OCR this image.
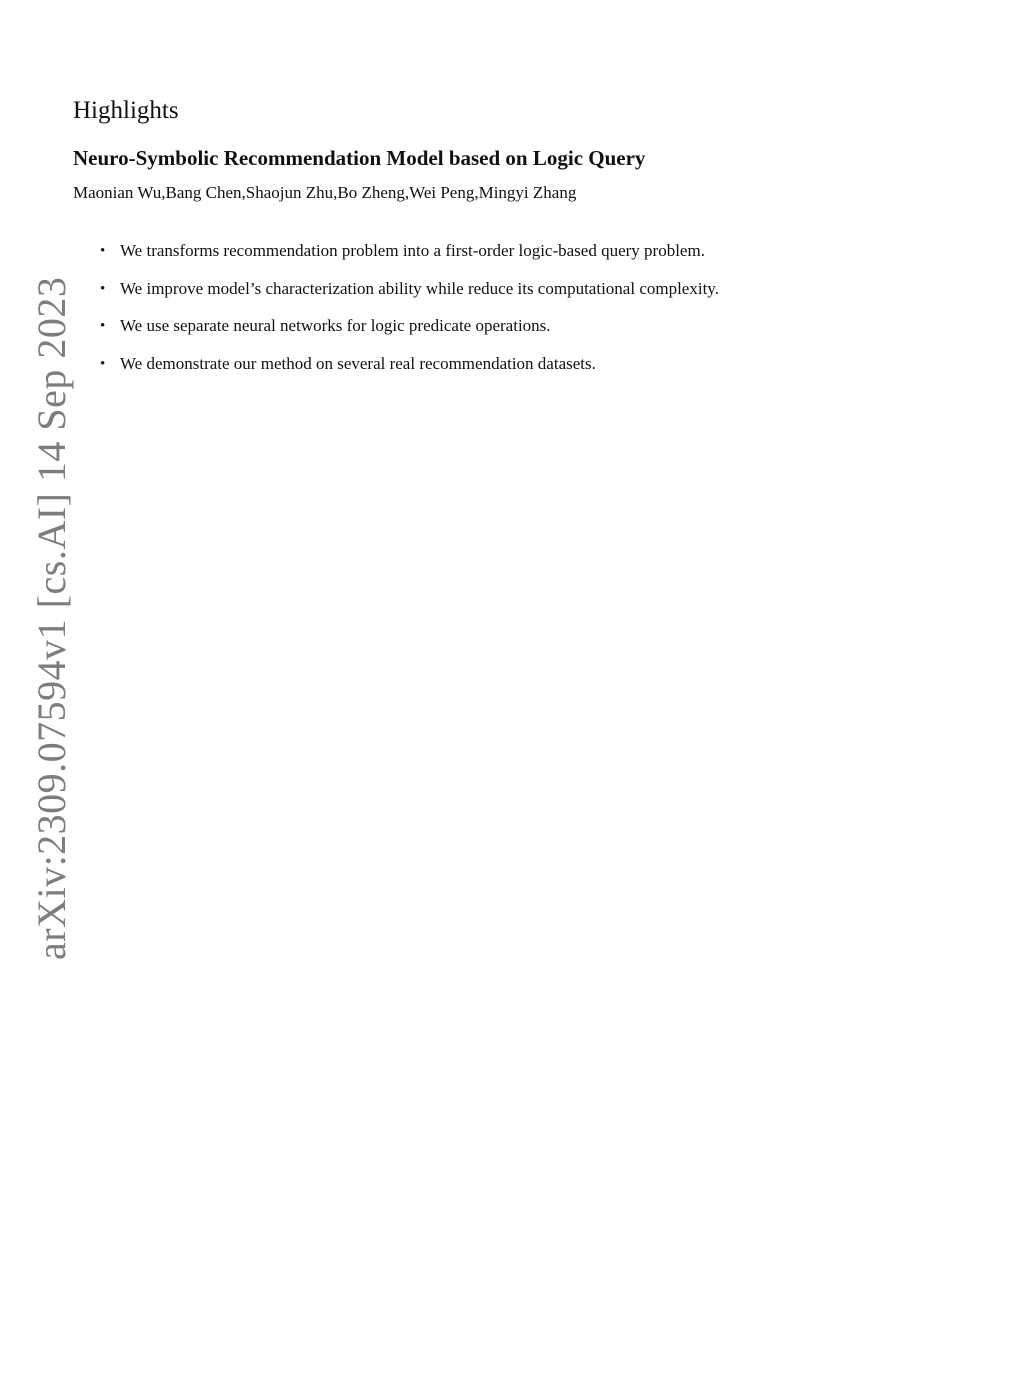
Highlights
Neuro-Symbolic Recommendation Model based on Logic Query

Maonian Wu,Bang Chen,Shaojun Zhu,Bo Zheng,Wei Peng,Mingyi Zhang

• We transforms recommendation problem into a first-order logic-based query problem.
• We improve model’s characterization ability while reduce its computational complexity.
• We use separate neural networks for logic predicate operations.
• We demonstrate our method on several real recommendation datasets.
arXiv:2309.07594v1 [cs.AI] 14 Sep 2023
